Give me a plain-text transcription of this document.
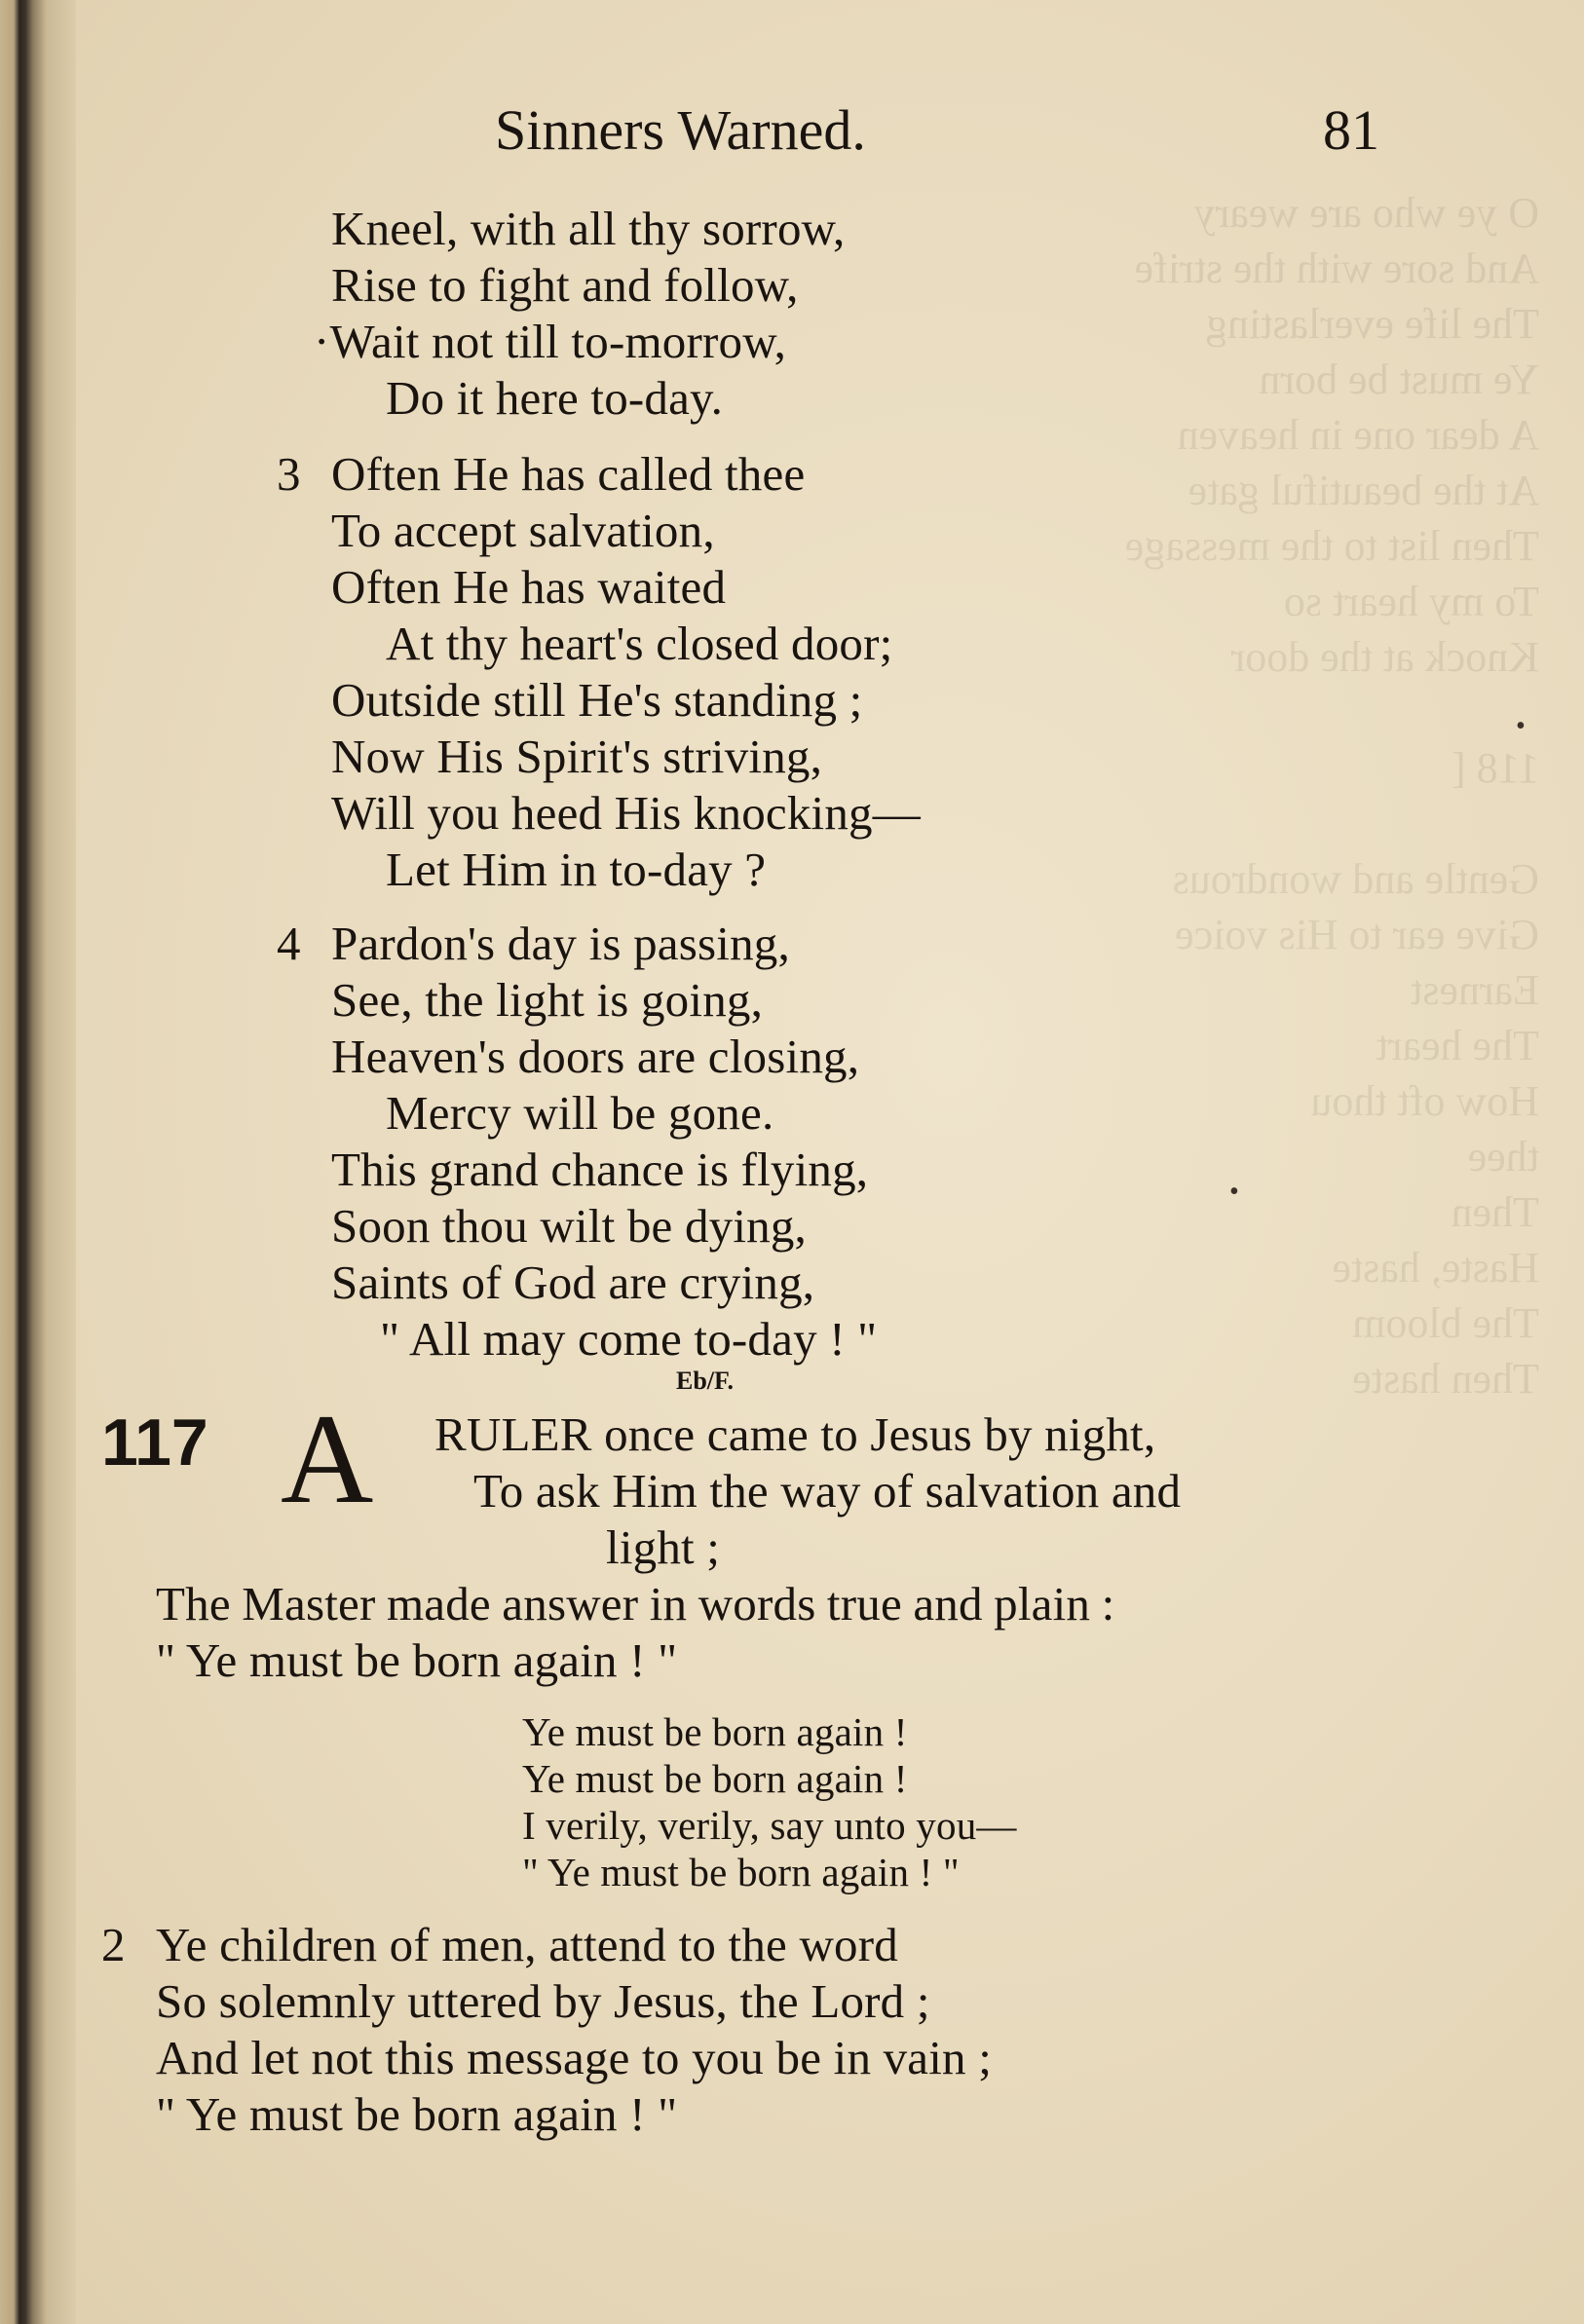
O ye who are weary
And sore with the strife
The life everlasting
Ye must be born
A dear one in heaven
At the beautiful gate
Then list to the message
To my heart so
Knock at the door

118 [

Gentle and wondrous
Give ear to His voice
Earnest
The heart
How oft thou
thee
Then
Haste, haste
The bloom
Then haste
Sinners Warned.	81
Kneel, with all thy sorrow,
Rise to fight and follow,
·Wait not till to-morrow,
Do it here to-day.
3 Often He has called thee
To accept salvation,
Often He has waited
At thy heart's closed door;
Outside still He's standing ;
Now His Spirit's striving,
Will you heed His knocking—
Let Him in to-day ?
4 Pardon's day is passing,
See, the light is going,
Heaven's doors are closing,
Mercy will be gone.
This grand chance is flying,
Soon thou wilt be dying,
Saints of God are crying,
" All may come to-day ! "
Eb/F.
117 A RULER once came to Jesus by night,
To ask Him the way of salvation and
light ;
The Master made answer in words true and plain :
" Ye must be born again ! "
Ye must be born again !
Ye must be born again !
I verily, verily, say unto you—
" Ye must be born again ! "
2 Ye children of men, attend to the word
So solemnly uttered by Jesus, the Lord ;
And let not this message to you be in vain ;
" Ye must be born again ! "
•
•
